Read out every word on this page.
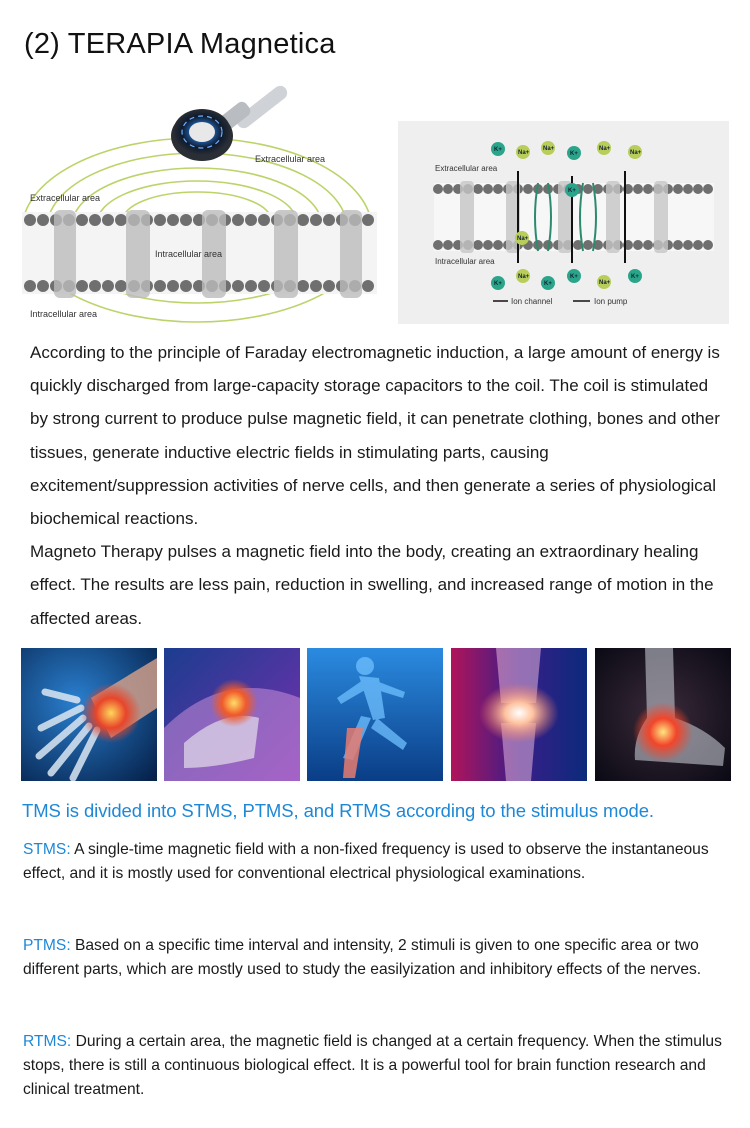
(2) TERAPIA Magnetica
Extracellular area
Extracellular area
Intracellular area
Intracellular area
Extracellular area
Intracellular area
K+	Na+
Na+
K+
Na+
Na+
K+
Na+
K+
Na+
K+
K+
Na+
K+
Ion channel	Ion pump

According to the principle of Faraday electromagnetic induction, a large amount of energy is quickly discharged from large-capacity storage capacitors to the coil. The coil is stimulated by strong current to produce pulse magnetic field, it can penetrate clothing, bones and other tissues, generate inductive electric fields in stimulating parts, causing excitement/suppression activities of nerve cells, and then generate a series of physiological biochemical reactions.

Magneto Therapy pulses a magnetic field into the body, creating an extraordinary healing effect. The results are less pain, reduction in swelling, and increased range of motion in the affected areas.

TMS is divided into STMS, PTMS, and RTMS according to the stimulus mode.

STMS: A single-time magnetic field with a non-fixed frequency is used to observe the instantaneous effect, and it is mostly used for conventional electrical physiological examinations.

PTMS: Based on a specific time interval and intensity, 2 stimuli is given to one specific area or two different parts, which are mostly used to study the easilyization and inhibitory effects of the nerves.

RTMS: During a certain area, the magnetic field is changed at a certain frequency. When the stimulus stops, there is still a continuous biological effect. It is a powerful tool for brain function research and clinical treatment.
